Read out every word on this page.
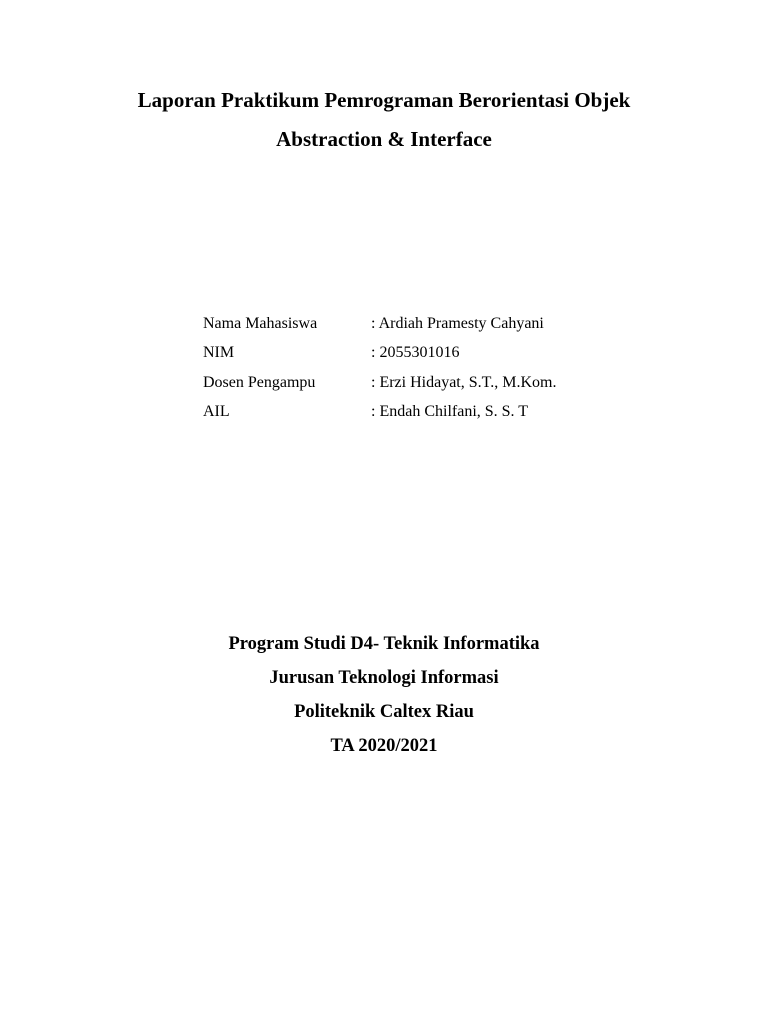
Laporan Praktikum Pemrograman Berorientasi Objek
Abstraction & Interface
Nama Mahasiswa	: Ardiah Pramesty Cahyani
NIM	: 2055301016
Dosen Pengampu	: Erzi Hidayat, S.T., M.Kom.
AIL	: Endah Chilfani, S. S. T
Program Studi D4- Teknik Informatika
Jurusan Teknologi Informasi
Politeknik Caltex Riau
TA 2020/2021
